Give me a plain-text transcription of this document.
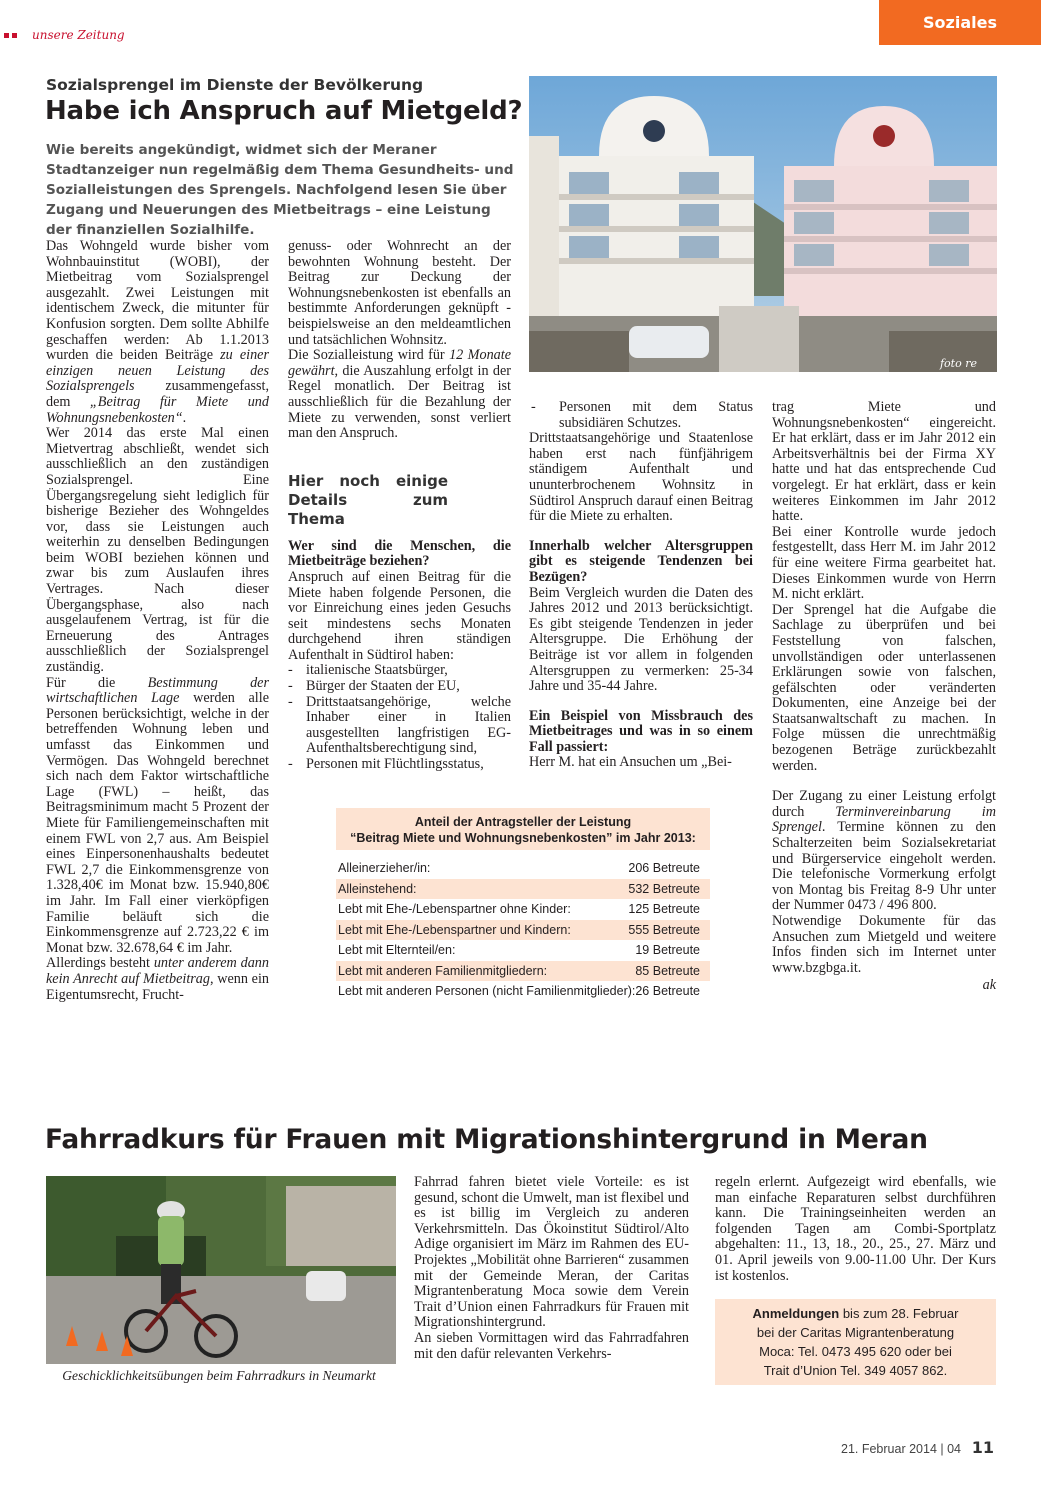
unsere Zeitung
Soziales
Sozialsprengel im Dienste der Bevölkerung
Habe ich Anspruch auf Mietgeld?
Wie bereits angekündigt, widmet sich der Meraner Stadtanzeiger nun regelmäßig dem Thema Gesundheits- und Sozialleistungen des Sprengels. Nachfolgend lesen Sie über Zugang und Neuerungen des Mietbeitrags – eine Leistung der finanziellen Sozialhilfe.
foto re

Das Wohngeld wurde bisher vom Wohnbauinstitut (WOBI), der Mietbeitrag vom Sozialsprengel ausgezahlt. Zwei Leistungen mit identischem Zweck, die mitunter für Konfusion sorgten. Dem sollte Abhilfe geschaffen werden: Ab 1.1.2013 wurden die beiden Beiträge zu einer einzigen neuen Leistung des Sozialsprengels zusammengefasst, dem „Beitrag für Miete und Wohnungsnebenkosten“.

Wer 2014 das erste Mal einen Mietvertrag abschließt, wendet sich ausschließlich an den zuständigen Sozialsprengel. Eine Übergangsregelung sieht lediglich für bisherige Bezieher des Wohngeldes vor, dass sie Leistungen auch weiterhin zu denselben Bedingungen beim WOBI beziehen können und zwar bis zum Auslaufen ihres Vertrages. Nach dieser Übergangsphase, also nach ausgelaufenem Vertrag, ist für die Erneuerung des Antrages ausschließlich der Sozialsprengel zuständig.

Für die Bestimmung der wirtschaftlichen Lage werden alle Personen berücksichtigt, welche in der betreffenden Wohnung leben und umfasst das Einkommen und Vermögen. Das Wohngeld berechnet sich nach dem Faktor wirtschaftliche Lage (FWL) – heißt, das Beitragsminimum macht 5 Prozent der Miete für Familiengemeinschaften mit einem FWL von 2,7 aus. Am Beispiel eines Einpersonenhaushalts bedeutet FWL 2,7 die Einkommensgrenze von 1.328,40€ im Monat bzw. 15.940,80€ im Jahr. Im Fall einer vierköpfigen Familie beläuft sich die Einkommensgrenze auf 2.723,22 € im Monat bzw. 32.678,64 € im Jahr.

Allerdings besteht unter anderem dann kein Anrecht auf Mietbeitrag, wenn ein Eigentumsrecht, Frucht-

genuss- oder Wohnrecht an der bewohnten Wohnung besteht. Der Beitrag zur Deckung der Wohnungsnebenkosten ist ebenfalls an bestimmte Anforderungen geknüpft - beispielsweise an den meldeamtlichen und tatsächlichen Wohnsitz.

Die Sozialleistung wird für 12 Monate gewährt, die Auszahlung erfolgt in der Regel monatlich. Der Beitrag ist ausschließlich für die Bezahlung der Miete zu verwenden, sonst verliert man den Anspruch.

Hier noch einige Details zum Thema

Wer sind die Menschen, die Mietbeiträge beziehen?

Anspruch auf einen Beitrag für die Miete haben folgende Personen, die vor Einreichung eines jeden Gesuchs seit mindestens sechs Monaten durchgehend ihren ständigen Aufenthalt in Südtirol haben:

- italienische Staatsbürger,
- Bürger der Staaten der EU,
- Drittstaatsangehörige, welche Inhaber einer in Italien ausgestellten langfristigen EG-Aufenthaltsberechtigung sind,
- Personen mit Flüchtlingsstatus,
-	Personen mit dem Status subsidiären Schutzes.

Drittstaatsangehörige und Staatenlose haben erst nach fünfjährigem ständigem Aufenthalt und ununterbrochenem Wohnsitz in Südtirol Anspruch darauf einen Beitrag für die Miete zu erhalten.

Innerhalb welcher Altersgruppen gibt es steigende Tendenzen bei Bezügen?

Beim Vergleich wurden die Daten des Jahres 2012 und 2013 berücksichtigt. Es gibt steigende Tendenzen in jeder Altersgruppe. Die Erhöhung der Beiträge ist vor allem in folgenden Altersgruppen zu vermerken: 25-34 Jahre und 35-44 Jahre.

Ein Beispiel von Missbrauch des Mietbeitrages und was in so einem Fall passiert:

Herr M. hat ein Ansuchen um „Bei-

trag Miete und Wohnungsnebenkosten“ eingereicht. Er hat erklärt, dass er im Jahr 2012 ein Arbeitsverhältnis bei der Firma XY hatte und hat das entsprechende Cud vorgelegt. Er hat erklärt, dass er kein weiteres Einkommen im Jahr 2012 hatte.

Bei einer Kontrolle wurde jedoch festgestellt, dass Herr M. im Jahr 2012 für eine weitere Firma gearbeitet hat. Dieses Einkommen wurde von Herrn M. nicht erklärt.

Der Sprengel hat die Aufgabe die Sachlage zu überprüfen und bei Feststellung von falschen, unvollständigen oder unterlassenen Erklärungen sowie von falschen, gefälschten oder veränderten Dokumenten, eine Anzeige bei der Staatsanwaltschaft zu machen. In Folge müssen die unrechtmäßig bezogenen Beträge zurückbezahlt werden.

Der Zugang zu einer Leistung erfolgt durch Terminvereinbarung im Sprengel. Termine können zu den Schalterzeiten beim Sozialsekretariat und Bürgerservice eingeholt werden. Die telefonische Vormerkung erfolgt von Montag bis Freitag 8-9 Uhr unter der Nummer 0473 / 496 800.

Notwendige Dokumente für das Ansuchen zum Mietgeld und weitere Infos finden sich im Internet unter www.bzgbga.it.

ak

Anteil der Antragsteller der Leistung
“Beitrag Miete und Wohnungsnebenkosten” im Jahr 2013:
Alleinerzieher/in:	206 Betreute
Alleinstehend:	532 Betreute
Lebt mit Ehe-/Lebenspartner ohne Kinder:	125 Betreute
Lebt mit Ehe-/Lebenspartner und Kindern:	555 Betreute
Lebt mit Elternteil/en:	19 Betreute
Lebt mit anderen Familienmitgliedern:	85 Betreute
Lebt mit anderen Personen (nicht Familienmitglieder): 26 Betreute
Fahrradkurs für Frauen mit Migrationshintergrund in Meran
Geschicklichkeitsübungen beim Fahrradkurs in Neumarkt

Fahrrad fahren bietet viele Vorteile: es ist gesund, schont die Umwelt, man ist flexibel und es ist billig im Vergleich zu anderen Verkehrsmitteln. Das Ökoinstitut Südtirol/Alto Adige organisiert im März im Rahmen des EU-Projektes „Mobilität ohne Barrieren“ zusammen mit der Gemeinde Meran, der Caritas Migrantenberatung Moca sowie dem Verein Trait d’Union einen Fahrradkurs für Frauen mit Migrationshintergrund.

An sieben Vormittagen wird das Fahrradfahren mit den dafür relevanten Verkehrs-

regeln erlernt. Aufgezeigt wird ebenfalls, wie man einfache Reparaturen selbst durchführen kann. Die Trainingseinheiten werden an folgenden Tagen am Combi-Sportplatz abgehalten: 11., 13, 18., 20., 25., 27. März und 01. April jeweils von 9.00-11.00 Uhr. Der Kurs ist kostenlos.

Anmeldungen bis zum 28. Februar
bei der Caritas Migrantenberatung
Moca: Tel. 0473 495 620 oder bei
Trait d’Union Tel. 349 4057 862.
21. Februar 2014 | 04 11
